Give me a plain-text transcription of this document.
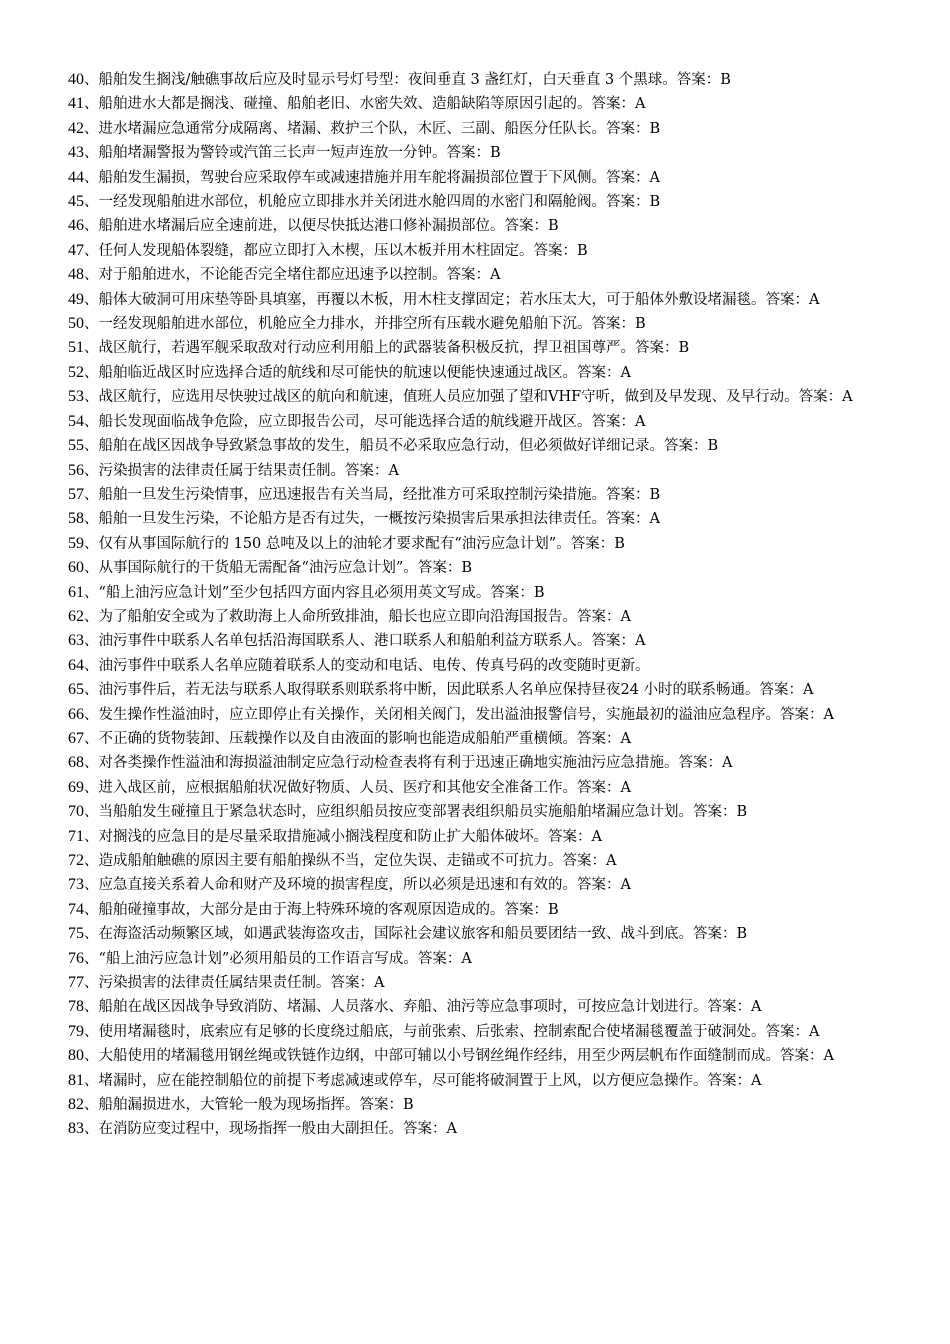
40、船舶发生搁浅/触礁事故后应及时显示号灯号型：夜间垂直 3 盏红灯，白天垂直 3 个黑球。答案：B

41、船舶进水大都是搁浅、碰撞、船舶老旧、水密失效、造船缺陷等原因引起的。答案：A

42、进水堵漏应急通常分成隔离、堵漏、救护三个队，木匠、三副、船医分任队长。答案：B

43、船舶堵漏警报为警铃或汽笛三长声一短声连放一分钟。答案：B

44、船舶发生漏损，驾驶台应采取停车或减速措施并用车舵将漏损部位置于下风侧。答案：A

45、一经发现船舶进水部位，机舱应立即排水并关闭进水舱四周的水密门和隔舱阀。答案：B

46、船舶进水堵漏后应全速前进，以便尽快抵达港口修补漏损部位。答案：B

47、任何人发现船体裂缝，都应立即打入木楔，压以木板并用木柱固定。答案：B

48、对于船舶进水，不论能否完全堵住都应迅速予以控制。答案：A

49、船体大破洞可用床垫等卧具填塞，再覆以木板，用木柱支撑固定；若水压太大，可于船体外敷设堵漏毯。答案：A

50、一经发现船舶进水部位，机舱应全力排水，并排空所有压载水避免船舶下沉。答案：B

51、战区航行，若遇军舰采取敌对行动应利用船上的武器装备积极反抗，捍卫祖国尊严。答案：B

52、船舶临近战区时应选择合适的航线和尽可能快的航速以便能快速通过战区。答案：A

53、战区航行，应选用尽快驶过战区的航向和航速，值班人员应加强了望和VHF守听，做到及早发现、及早行动。答案：A

54、船长发现面临战争危险，应立即报告公司，尽可能选择合适的航线避开战区。答案：A

55、船舶在战区因战争导致紧急事故的发生，船员不必采取应急行动，但必须做好详细记录。答案：B

56、污染损害的法律责任属于结果责任制。答案：A

57、船舶一旦发生污染情事，应迅速报告有关当局，经批准方可采取控制污染措施。答案：B

58、船舶一旦发生污染，不论船方是否有过失，一概按污染损害后果承担法律责任。答案：A

59、仅有从事国际航行的 150 总吨及以上的油轮才要求配有“油污应急计划”。答案：B

60、从事国际航行的干货船无需配备“油污应急计划”。答案：B

61、“船上油污应急计划”至少包括四方面内容且必须用英文写成。答案：B

62、为了船舶安全或为了救助海上人命所致排油，船长也应立即向沿海国报告。答案：A

63、油污事件中联系人名单包括沿海国联系人、港口联系人和船舶利益方联系人。答案：A

64、油污事件中联系人名单应随着联系人的变动和电话、电传、传真号码的改变随时更新。

65、油污事件后，若无法与联系人取得联系则联系将中断，因此联系人名单应保持昼夜24 小时的联系畅通。答案：A

66、发生操作性溢油时，应立即停止有关操作，关闭相关阀门，发出溢油报警信号，实施最初的溢油应急程序。答案：A

67、不正确的货物装卸、压载操作以及自由液面的影响也能造成船舶严重横倾。答案：A

68、对各类操作性溢油和海损溢油制定应急行动检查表将有利于迅速正确地实施油污应急措施。答案：A

69、进入战区前，应根据船舶状况做好物质、人员、医疗和其他安全准备工作。答案：A

70、当船舶发生碰撞且于紧急状态时，应组织船员按应变部署表组织船员实施船舶堵漏应急计划。答案：B

71、对搁浅的应急目的是尽量采取措施减小搁浅程度和防止扩大船体破坏。答案：A

72、造成船舶触礁的原因主要有船舶操纵不当，定位失误、走锚或不可抗力。答案：A

73、应急直接关系着人命和财产及环境的损害程度，所以必须是迅速和有效的。答案：A

74、船舶碰撞事故，大部分是由于海上特殊环境的客观原因造成的。答案：B

75、在海盗活动频繁区域，如遇武装海盗攻击，国际社会建议旅客和船员要团结一致、战斗到底。答案：B

76、“船上油污应急计划”必须用船员的工作语言写成。答案：A

77、污染损害的法律责任属结果责任制。答案：A

78、船舶在战区因战争导致消防、堵漏、人员落水、弃船、油污等应急事项时，可按应急计划进行。答案：A

79、使用堵漏毯时，底索应有足够的长度绕过船底，与前张索、后张索、控制索配合使堵漏毯覆盖于破洞处。答案：A

80、大船使用的堵漏毯用钢丝绳或铁链作边纲，中部可辅以小号钢丝绳作经纬，用至少两层帆布作面缝制而成。答案：A

81、堵漏时，应在能控制船位的前提下考虑减速或停车，尽可能将破洞置于上风，以方便应急操作。答案：A

82、船舶漏损进水，大管轮一般为现场指挥。答案：B

83、在消防应变过程中，现场指挥一般由大副担任。答案：A
